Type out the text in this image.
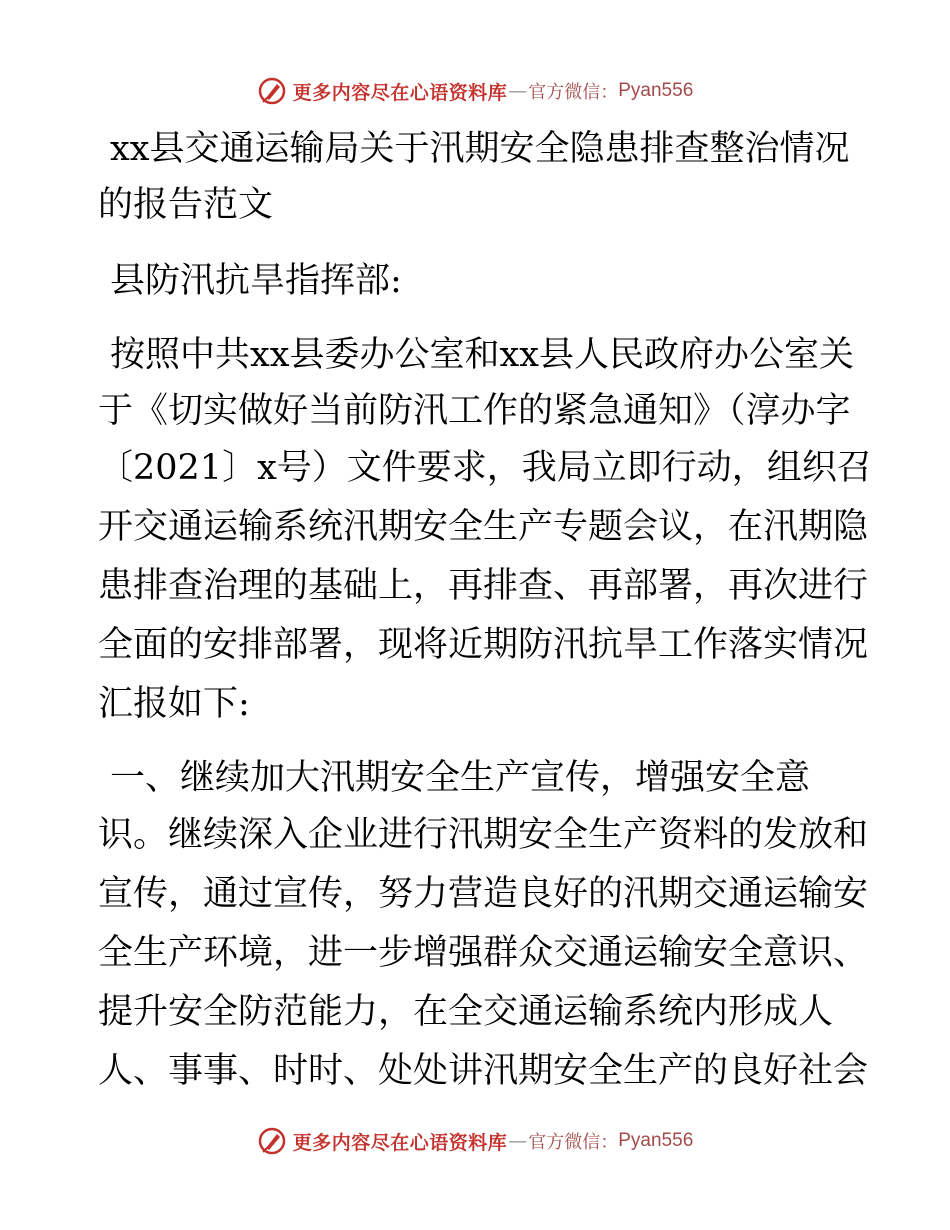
更多内容尽在心语资料库 — 官方微信： Pyan556
xx县交通运输局关于汛期安全隐患排查整治情况
的报告范文
县防汛抗旱指挥部:
按照中共xx县委办公室和xx县人民政府办公室关
于《切实做好当前防汛工作的紧急通知》（淳办字
〔2021〕x号）文件要求，我局立即行动，组织召
开交通运输系统汛期安全生产专题会议，在汛期隐
患排查治理的基础上，再排查、再部署，再次进行
全面的安排部署，现将近期防汛抗旱工作落实情况
汇报如下:
一、继续加大汛期安全生产宣传，增强安全意
识。继续深入企业进行汛期安全生产资料的发放和
宣传，通过宣传，努力营造良好的汛期交通运输安
全生产环境，进一步增强群众交通运输安全意识、
提升安全防范能力，在全交通运输系统内形成人
人、事事、时时、处处讲汛期安全生产的良好社会
更多内容尽在心语资料库 — 官方微信： Pyan556
